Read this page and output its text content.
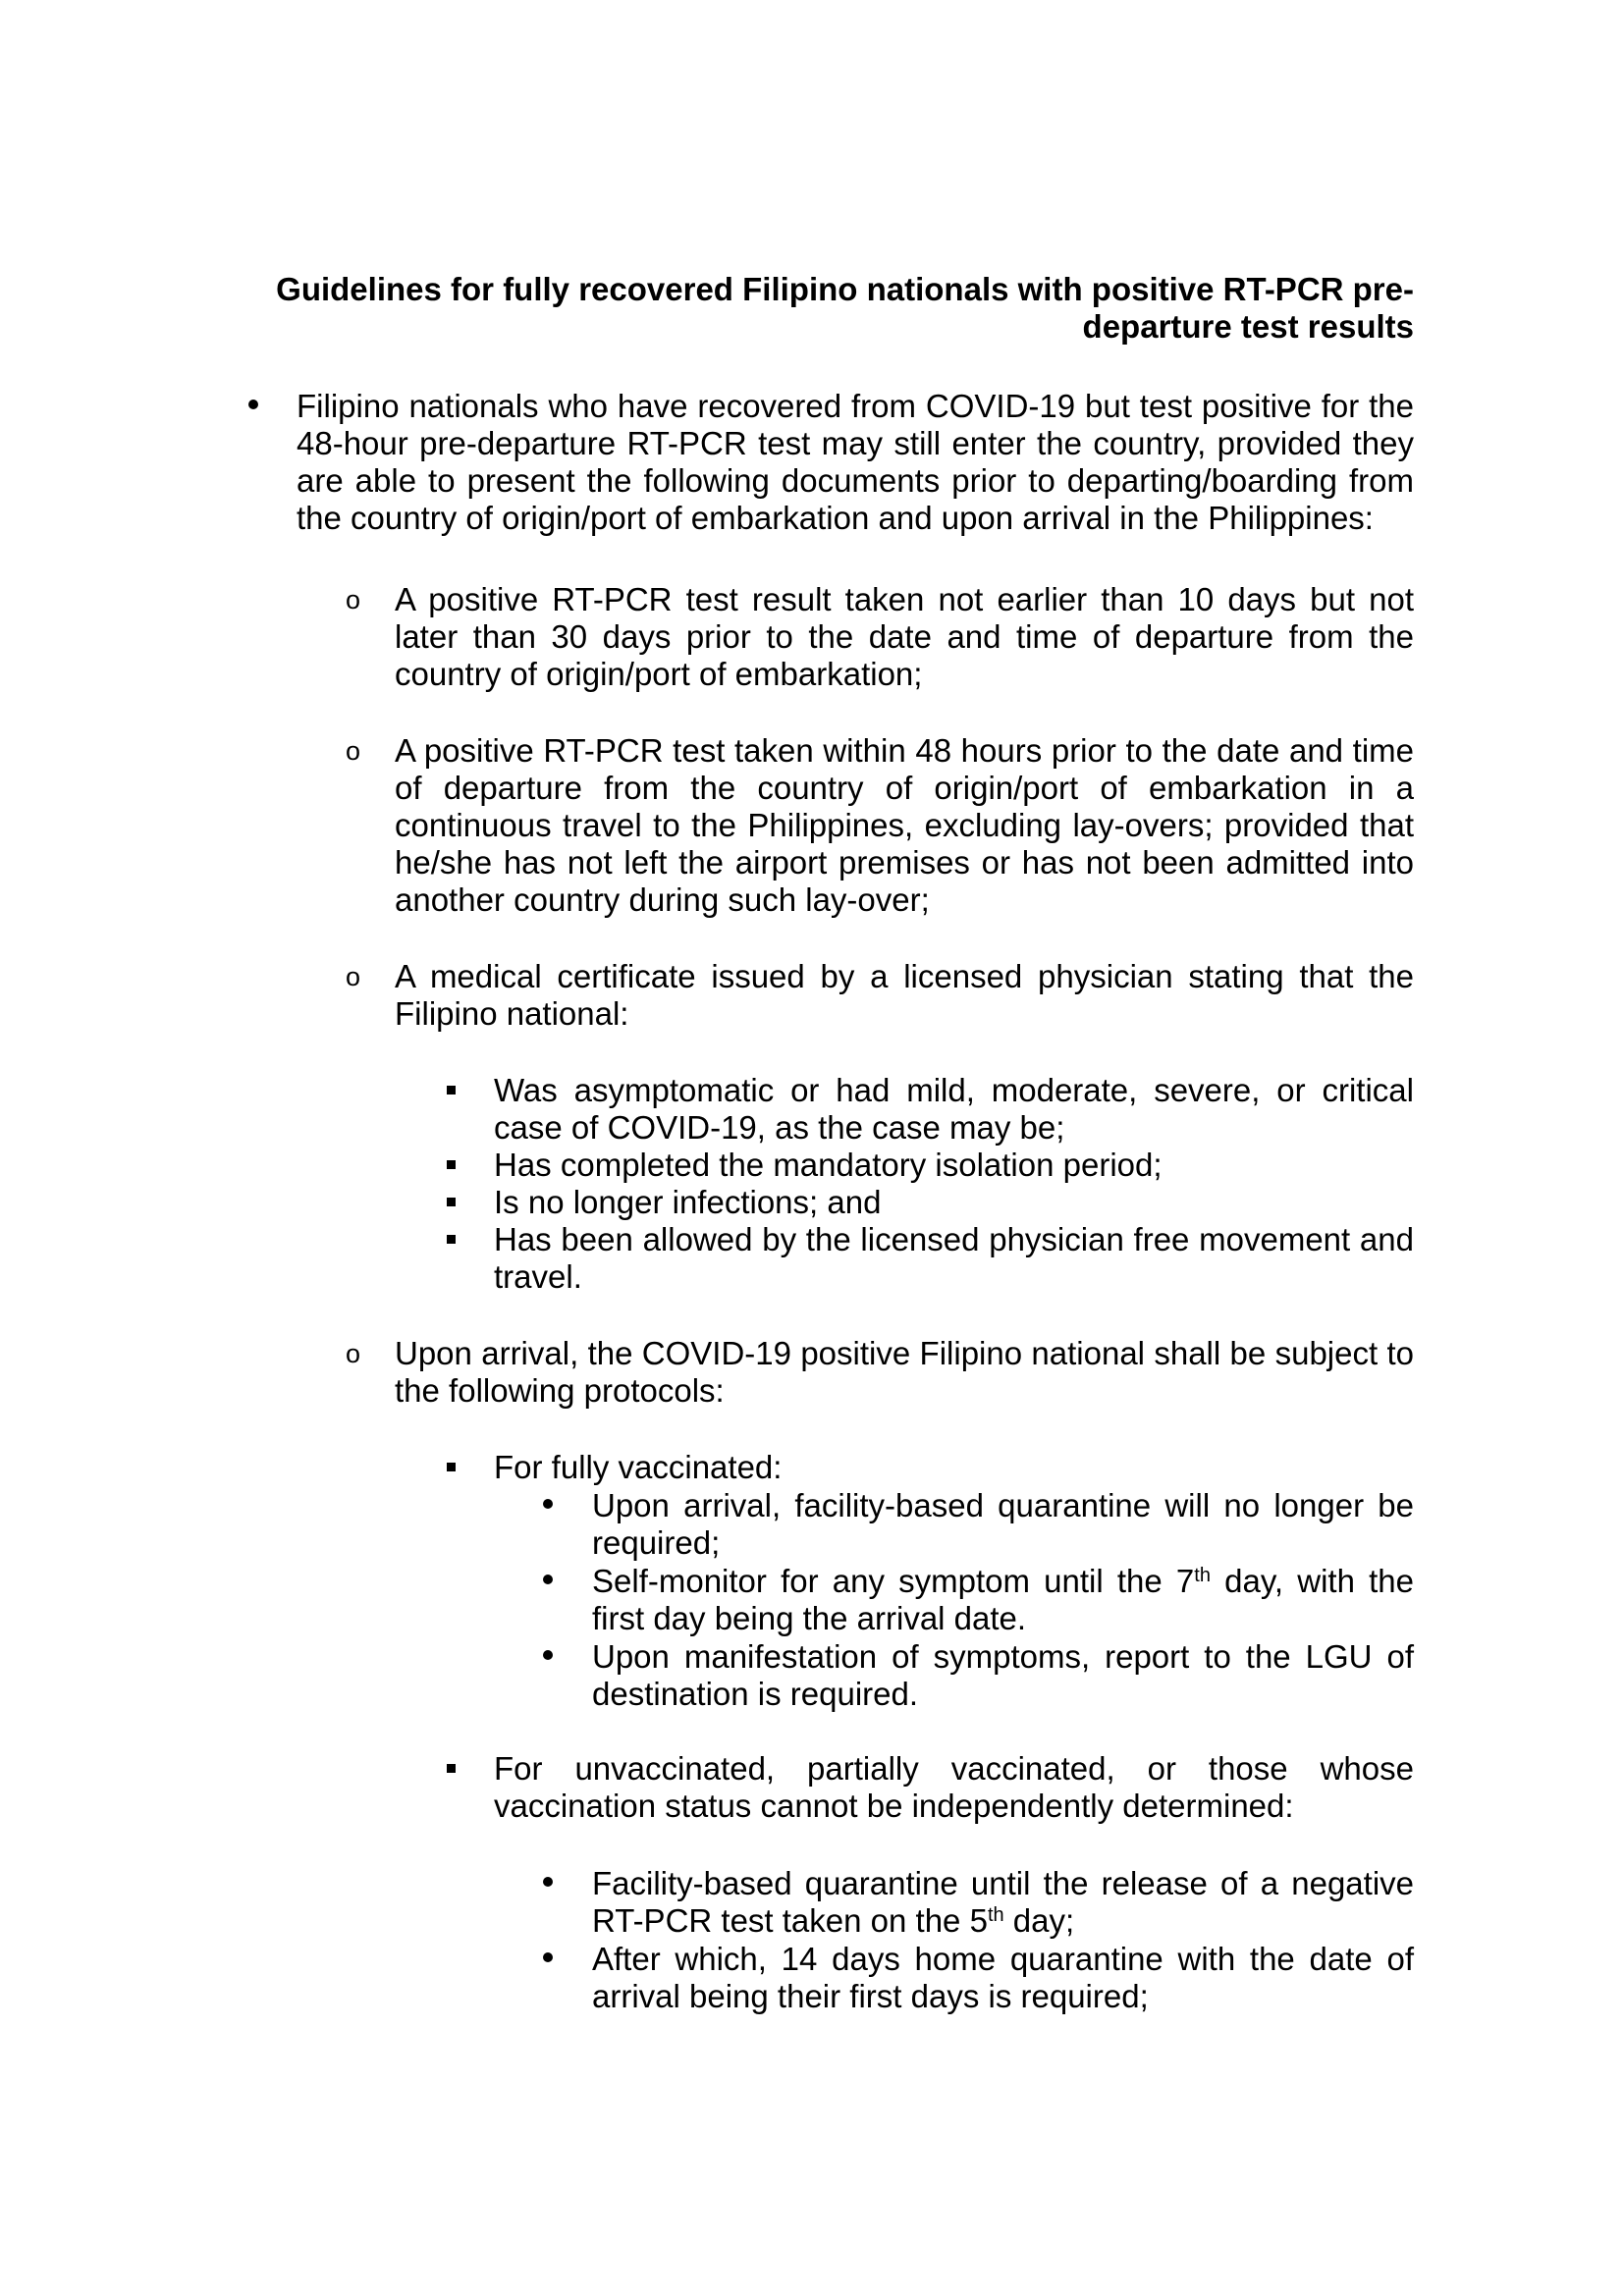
Guidelines for fully recovered Filipino nationals with positive RT-PCR pre-departure test results

Filipino nationals who have recovered from COVID-19 but test positive for the 48-hour pre-departure RT-PCR test may still enter the country, provided they are able to present the following documents prior to departing/boarding from the country of origin/port of embarkation and upon arrival in the Philippines:

o A positive RT-PCR test result taken not earlier than 10 days but not later than 30 days prior to the date and time of departure from the country of origin/port of embarkation;

o A positive RT-PCR test taken within 48 hours prior to the date and time of departure from the country of origin/port of embarkation in a continuous travel to the Philippines, excluding lay-overs; provided that he/she has not left the airport premises or has not been admitted into another country during such lay-over;

o A medical certificate issued by a licensed physician stating that the Filipino national:

Was asymptomatic or had mild, moderate, severe, or critical case of COVID-19, as the case may be;

Has completed the mandatory isolation period;

Is no longer infections; and

Has been allowed by the licensed physician free movement and travel.

o Upon arrival, the COVID-19 positive Filipino national shall be subject to the following protocols:

For fully vaccinated:

Upon arrival, facility-based quarantine will no longer be required;

Self-monitor for any symptom until the 7th day, with the first day being the arrival date.

Upon manifestation of symptoms, report to the LGU of destination is required.

For unvaccinated, partially vaccinated, or those whose vaccination status cannot be independently determined:

Facility-based quarantine until the release of a negative RT-PCR test taken on the 5th day;

After which, 14 days home quarantine with the date of arrival being their first days is required;
